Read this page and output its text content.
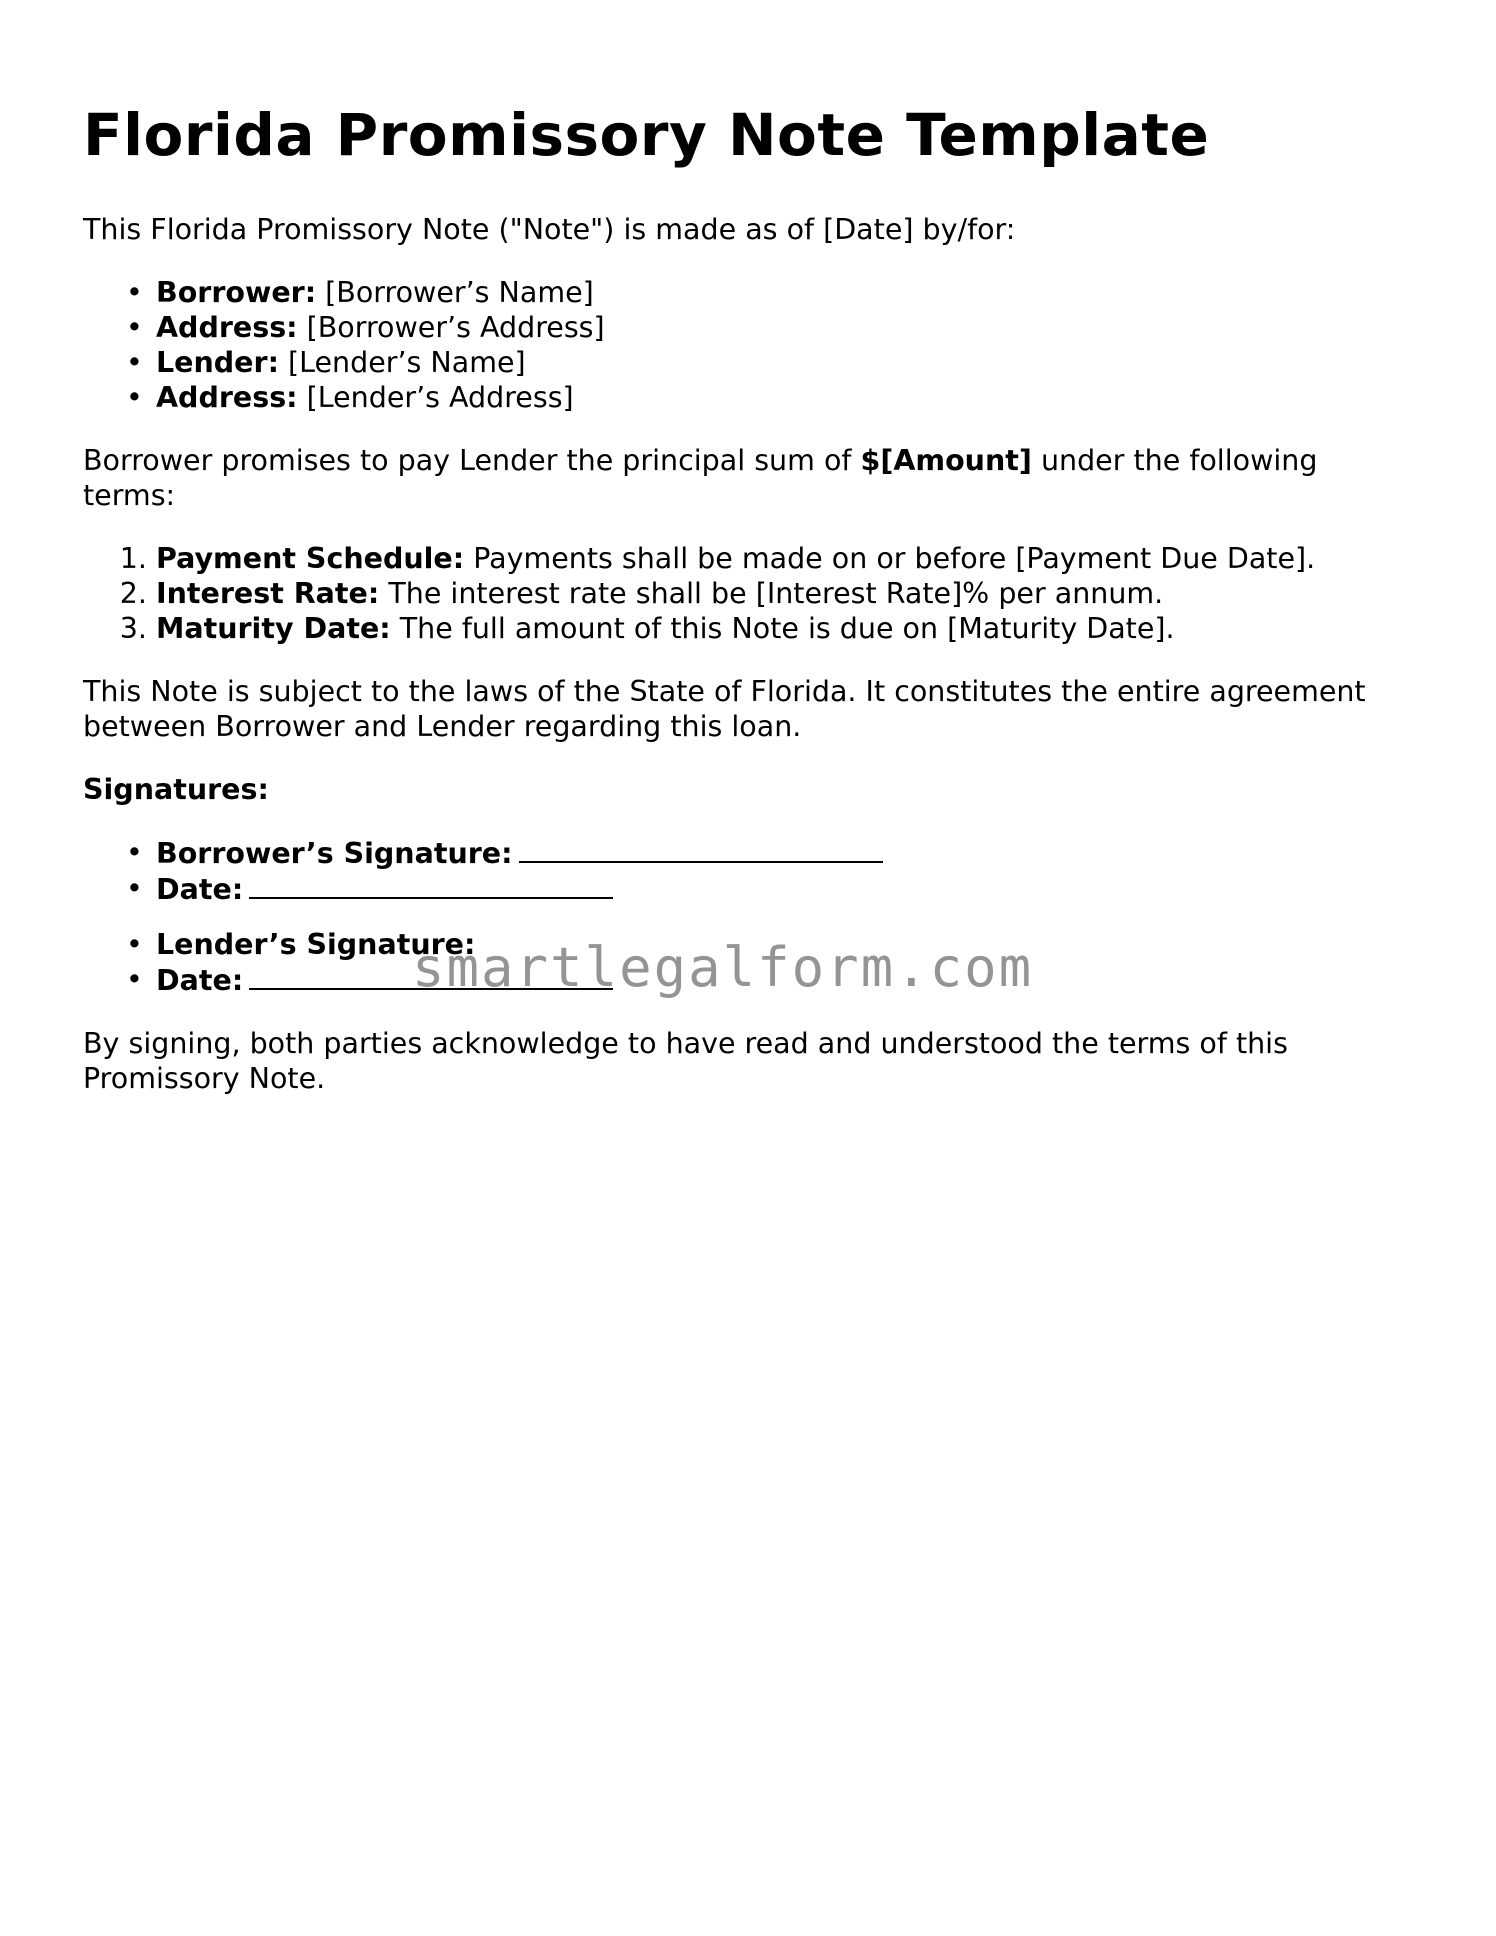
Florida Promissory Note Template

This Florida Promissory Note ("Note") is made as of [Date] by/for:

• Borrower: [Borrower’s Name]
• Address: [Borrower’s Address]
• Lender: [Lender’s Name]
• Address: [Lender’s Address]

Borrower promises to pay Lender the principal sum of $[Amount] under the following terms:

1. Payment Schedule: Payments shall be made on or before [Payment Due Date].
2. Interest Rate: The interest rate shall be [Interest Rate]% per annum.
3. Maturity Date: The full amount of this Note is due on [Maturity Date].

This Note is subject to the laws of the State of Florida. It constitutes the entire agreement between Borrower and Lender regarding this loan.

Signatures:

• Borrower’s Signature:
• Date:
• Lender’s Signature:
• Date:

By signing, both parties acknowledge to have read and understood the terms of this Promissory Note.

smartlegalform.com
